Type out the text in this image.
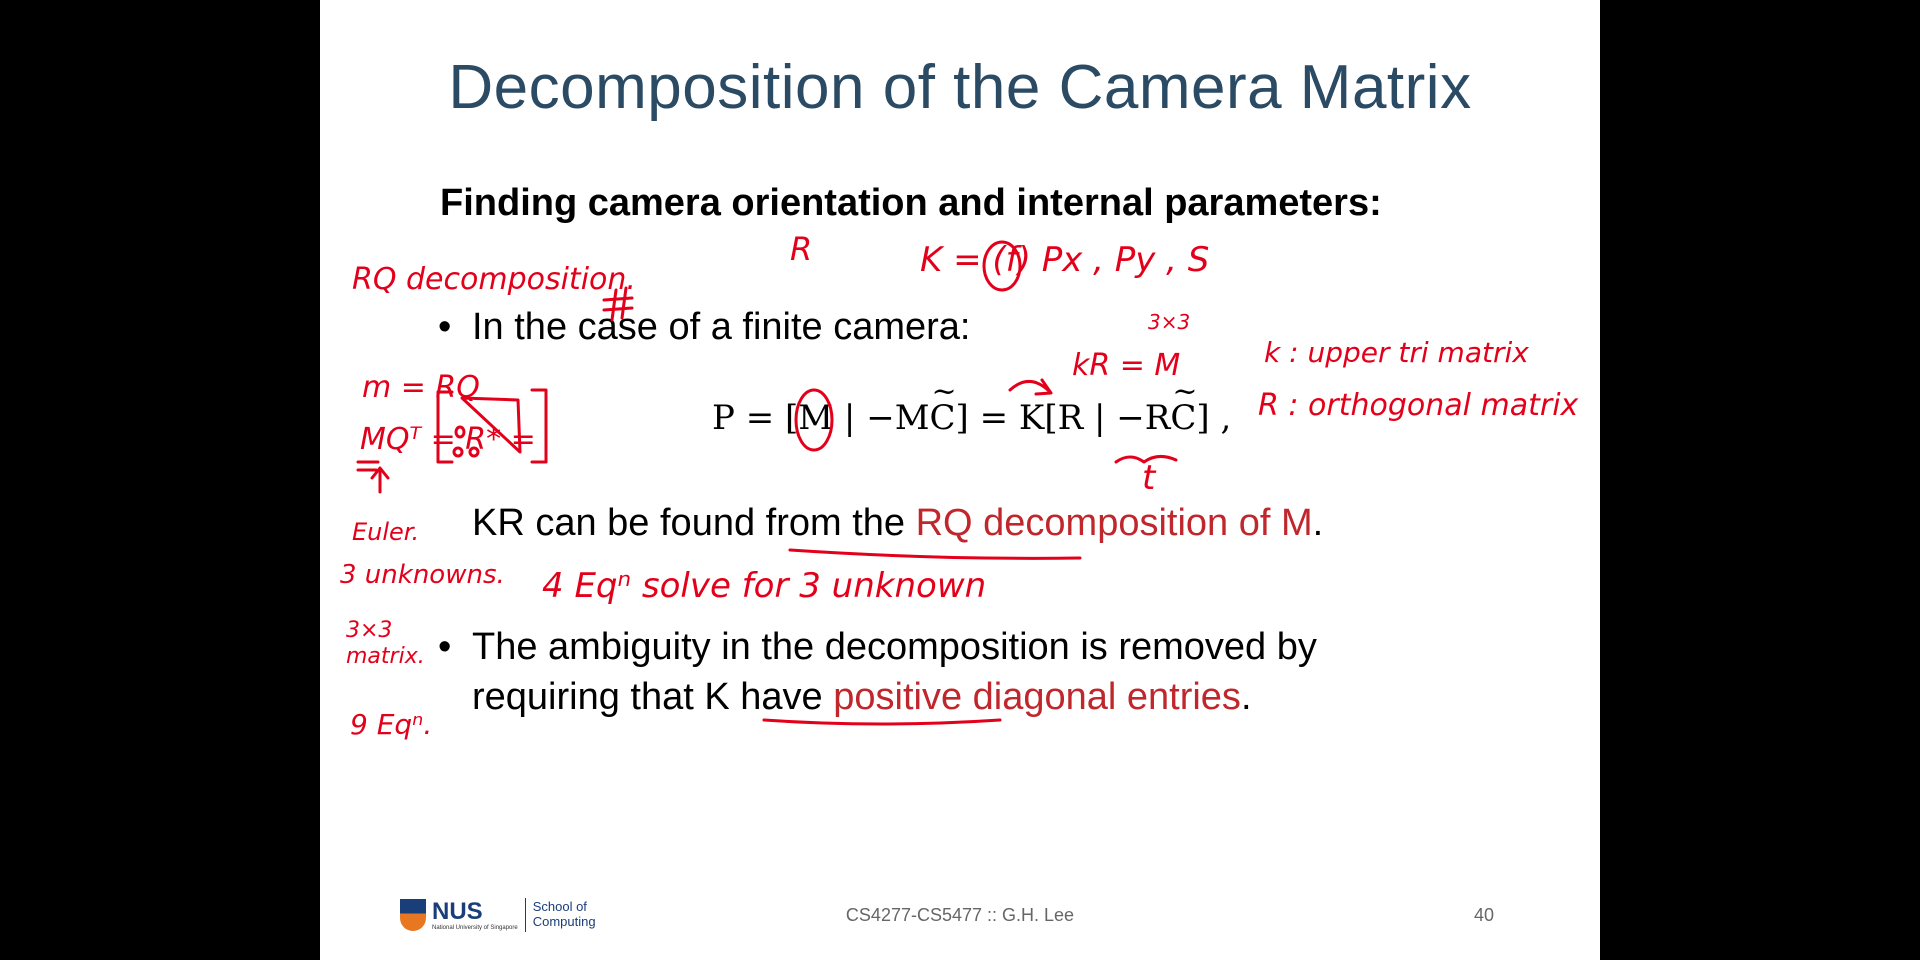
Decomposition of the Camera Matrix
Finding camera orientation and internal parameters:
• In the case of a finite camera:
P = [M | −M~ C] = K[R | −R~ C] ,
KR can be found from the RQ decomposition of M.
• The ambiguity in the decomposition is removed by
requiring that K have positive diagonal entries.
RQ decomposition.
R	K = (f) Px , Py , S
3×3
kR = M	k : upper tri matrix
R : orthogonal matrix
m = RQ
MQᵀ = R* =
t
Euler.
3 unknowns. 4 Eqⁿ solve for 3 unknown
3×3 matrix.
9 Eqⁿ.
NUS
National University of Singapore
School of
Computing	CS4277-CS5477 :: G.H. Lee	40
